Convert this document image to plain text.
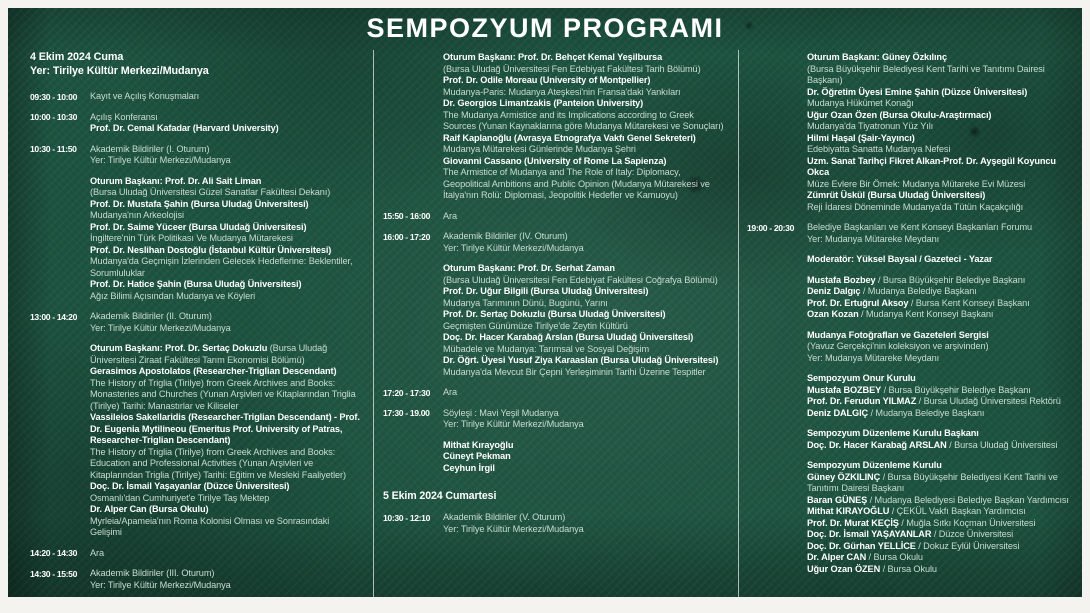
SEMPOZYUM PROGRAMI
4 Ekim 2024 Cuma
Yer: Tirilye Kültür Merkezi/Mudanya
09:30 - 10:00	Kayıt ve Açılış Konuşmaları
10:00 - 10:30	Açılış Konferansı
Prof. Dr. Cemal Kafadar (Harvard University)
10:30 - 11:50	Akademik Bildiriler (I. Oturum)
Yer: Tirilye Kültür Merkezi/Mudanya
Oturum Başkanı: Prof. Dr. Ali Sait Liman
(Bursa Uludağ Üniversitesi Güzel Sanatlar Fakültesi Dekanı)
Prof. Dr. Mustafa Şahin (Bursa Uludağ Üniversitesi)
Mudanya'nın Arkeolojisi
Prof. Dr. Saime Yüceer (Bursa Uludağ Üniversitesi)
İngiltere'nin Türk Politikası Ve Mudanya Mütarekesi
Prof. Dr. Neslihan Dostoğlu (İstanbul Kültür Üniversitesi)
Mudanya'da Geçmişin İzlerinden Gelecek Hedeflerine: Beklentiler, Sorumluluklar
Prof. Dr. Hatice Şahin (Bursa Uludağ Üniversitesi)
Ağız Bilimi Açısından Mudanya ve Köyleri
13:00 - 14:20	Akademik Bildiriler (II. Oturum)
Yer: Tirilye Kültür Merkezi/Mudanya
Oturum Başkanı: Prof. Dr. Sertaç Dokuzlu (Bursa Uludağ Üniversitesi Ziraat Fakültesi Tarım Ekonomisi Bölümü)
Gerasimos Apostolatos (Researcher-Triglian Descendant)
The History of Triglia (Tirilye) from Greek Archives and Books: Monasteries and Churches (Yunan Arşivleri ve Kitaplarından Triglia (Tirilye) Tarihi: Manastırlar ve Kiliseler
Vassileios Sakellaridis (Researcher-Triglian Descendant) - Prof. Dr. Eugenia Mytilineou (Emeritus Prof. University of Patras, Researcher-Triglian Descendant)
The History of Triglia (Tirilye) from Greek Archives and Books: Education and Professional Activities (Yunan Arşivleri ve Kitaplarından Triglia (Tirilye) Tarihi: Eğitim ve Mesleki Faaliyetler)
Doç. Dr. İsmail Yaşayanlar (Düzce Üniversitesi)
Osmanlı'dan Cumhuriyet'e Tirilye Taş Mektep
Dr. Alper Can (Bursa Okulu)
Myrleia/Apameia'nın Roma Kolonisi Olması ve Sonrasındaki Gelişimi
14:20 - 14:30	Ara
14:30 - 15:50	Akademik Bildiriler (III. Oturum)
Yer: Tirilye Kültür Merkezi/Mudanya
Oturum Başkanı: Prof. Dr. Behçet Kemal Yeşilbursa
(Bursa Uludağ Üniversitesi Fen Edebiyat Fakültesi Tarih Bölümü)
Prof. Dr. Odile Moreau (University of Montpellier)
Mudanya-Paris: Mudanya Ateşkesi'nin Fransa'daki Yankıları
Dr. Georgios Limantzakis (Panteion University)
The Mudanya Armistice and its Implications according to Greek Sources (Yunan Kaynaklarına göre Mudanya Mütarekesi ve Sonuçları)
Raif Kaplanoğlu (Avrasya Etnografya Vakfı Genel Sekreteri)
Mudanya Mütarekesi Günlerinde Mudanya Şehri
Giovanni Cassano (University of Rome La Sapienza)
The Armistice of Mudanya and The Role of Italy: Diplomacy, Geopolitical Ambitions and Public Opinion (Mudanya Mütarekesi ve İtalya'nın Rolü: Diplomasi, Jeopolitik Hedefler ve Kamuoyu)
15:50 - 16:00	Ara
16:00 - 17:20	Akademik Bildiriler (IV. Oturum)
Yer: Tirilye Kültür Merkezi/Mudanya
Oturum Başkanı: Prof. Dr. Serhat Zaman
(Bursa Uludağ Üniversitesi Fen Edebiyat Fakültesi Coğrafya Bölümü)
Prof. Dr. Uğur Bilgili (Bursa Uludağ Üniversitesi)
Mudanya Tarımının Dünü, Bugünü, Yarını
Prof. Dr. Sertaç Dokuzlu (Bursa Uludağ Üniversitesi)
Geçmişten Günümüze Tirilye'de Zeytin Kültürü
Doç. Dr. Hacer Karabağ Arslan (Bursa Uludağ Üniversitesi)
Mübadele ve Mudanya: Tarımsal ve Sosyal Değişim
Dr. Öğrt. Üyesi Yusuf Ziya Karaaslan (Bursa Uludağ Üniversitesi)
Mudanya'da Mevcut Bir Çepni Yerleşiminin Tarihi Üzerine Tespitler
17:20 - 17:30	Ara
17:30 - 19.00	Söyleşi : Mavi Yeşil Mudanya
Yer: Tirilye Kültür Merkezi/Mudanya
Mithat Kırayoğlu
Cüneyt Pekman
Ceyhun İrgil
5 Ekim 2024 Cumartesi
10:30 - 12:10	Akademik Bildiriler (V. Oturum)
Yer: Tirilye Kültür Merkezi/Mudanya
Oturum Başkanı: Güney Özkılınç
(Bursa Büyükşehir Belediyesi Kent Tarihi ve Tanıtımı Dairesi Başkanı)
Dr. Öğretim Üyesi Emine Şahin (Düzce Üniversitesi)
Mudanya Hükümet Konağı
Uğur Ozan Özen (Bursa Okulu-Araştırmacı)
Mudanya'da Tiyatronun Yüz Yılı
Hilmi Haşal (Şair-Yayıncı)
Edebiyatta Sanatta Mudanya Nefesi
Uzm. Sanat Tarihçi Fikret Alkan-Prof. Dr. Ayşegül Koyuncu Okca
Müze Evlere Bir Örnek: Mudanya Mütareke Evi Müzesi
Zümrüt Üskül (Bursa Uludağ Üniversitesi)
Reji İdaresi Döneminde Mudanya'da Tütün Kaçakçılığı
19:00 - 20:30	Belediye Başkanları ve Kent Konseyi Başkanları Forumu
Yer: Mudanya Mütareke Meydanı
Moderatör: Yüksel Baysal / Gazeteci - Yazar
Mustafa Bozbey / Bursa Büyükşehir Belediye Başkanı
Deniz Dalgıç / Mudanya Belediye Başkanı
Prof. Dr. Ertuğrul Aksoy / Bursa Kent Konseyi Başkanı
Ozan Kozan / Mudanya Kent Konseyi Başkanı
Mudanya Fotoğrafları ve Gazeteleri Sergisi
(Yavuz Gerçekçi'nin koleksiyon ve arşivinden)
Yer: Mudanya Mütareke Meydanı
Sempozyum Onur Kurulu
Mustafa BOZBEY / Bursa Büyükşehir Belediye Başkanı
Prof. Dr. Ferudun YILMAZ / Bursa Uludağ Üniversitesi Rektörü
Deniz DALGIÇ / Mudanya Belediye Başkanı
Sempozyum Düzenleme Kurulu Başkanı
Doç. Dr. Hacer Karabağ ARSLAN / Bursa Uludağ Üniversitesi
Sempozyum Düzenleme Kurulu
Güney ÖZKILINÇ / Bursa Büyükşehir Belediyesi Kent Tarihi ve Tanıtımı Dairesi Başkanı
Baran GÜNEŞ / Mudanya Belediyesi Belediye Başkan Yardımcısı
Mithat KIRAYOĞLU / ÇEKÜL Vakfı Başkan Yardımcısı
Prof. Dr. Murat KEÇİŞ / Muğla Sıtkı Koçman Üniversitesi
Doç. Dr. İsmail YAŞAYANLAR / Düzce Üniversitesi
Doç. Dr. Gürhan YELLİCE / Dokuz Eylül Üniversitesi
Dr. Alper CAN / Bursa Okulu
Uğur Ozan ÖZEN / Bursa Okulu
